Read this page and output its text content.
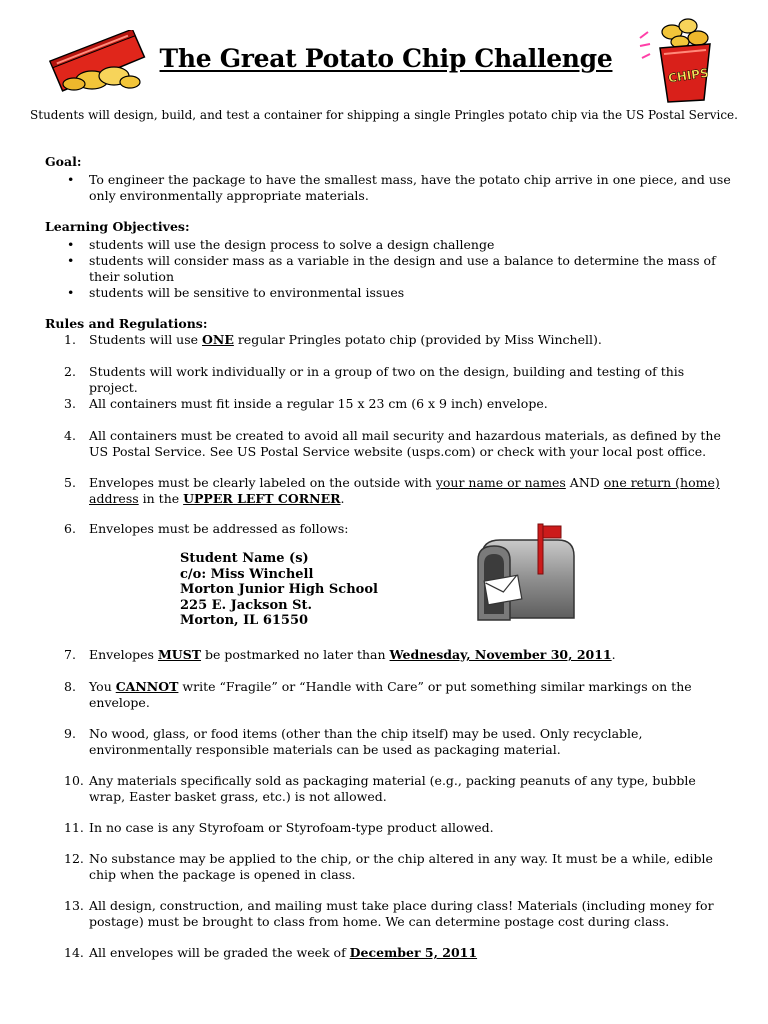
The Great Potato Chip Challenge
CHIPS

Students will design, build, and test a container for shipping a single Pringles potato chip via the US Postal Service.

Goal:

• To engineer the package to have the smallest mass, have the potato chip arrive in one piece, and use only environmentally appropriate materials.

Learning Objectives:

• students will use the design process to solve a design challenge
• students will consider mass as a variable in the design and use a balance to determine the mass of their solution
• students will be sensitive to environmental issues

Rules and Regulations:

1.	Students will use ONE regular Pringles potato chip (provided by Miss Winchell).
2.	Students will work individually or in a group of two on the design, building and testing of this project.
3.	All containers must fit inside a regular 15 x 23 cm (6 x 9 inch) envelope.
4.	All containers must be created to avoid all mail security and hazardous materials, as defined by the US Postal Service. See US Postal Service website (usps.com) or check with your local post office.
5.	Envelopes must be clearly labeled on the outside with your name or names AND one return (home) address in the UPPER LEFT CORNER.
6.	Envelopes must be addressed as follows:
7.	Envelopes MUST be postmarked no later than Wednesday, November 30, 2011.
8.	You CANNOT write “Fragile” or “Handle with Care” or put something similar markings on the envelope.
9.	No wood, glass, or food items (other than the chip itself) may be used. Only recyclable, environmentally responsible materials can be used as packaging material.
10. Any materials specifically sold as packaging material (e.g., packing peanuts of any type, bubble wrap, Easter basket grass, etc.) is not allowed.
11. In no case is any Styrofoam or Styrofoam-type product allowed.
12. No substance may be applied to the chip, or the chip altered in any way. It must be a while, edible chip when the package is opened in class.
13. All design, construction, and mailing must take place during class! Materials (including money for postage) must be brought to class from home. We can determine postage cost during class.
14. All envelopes will be graded the week of December 5, 2011
Student Name (s)
c/o: Miss Winchell
Morton Junior High School
225 E. Jackson St.
Morton, IL 61550
